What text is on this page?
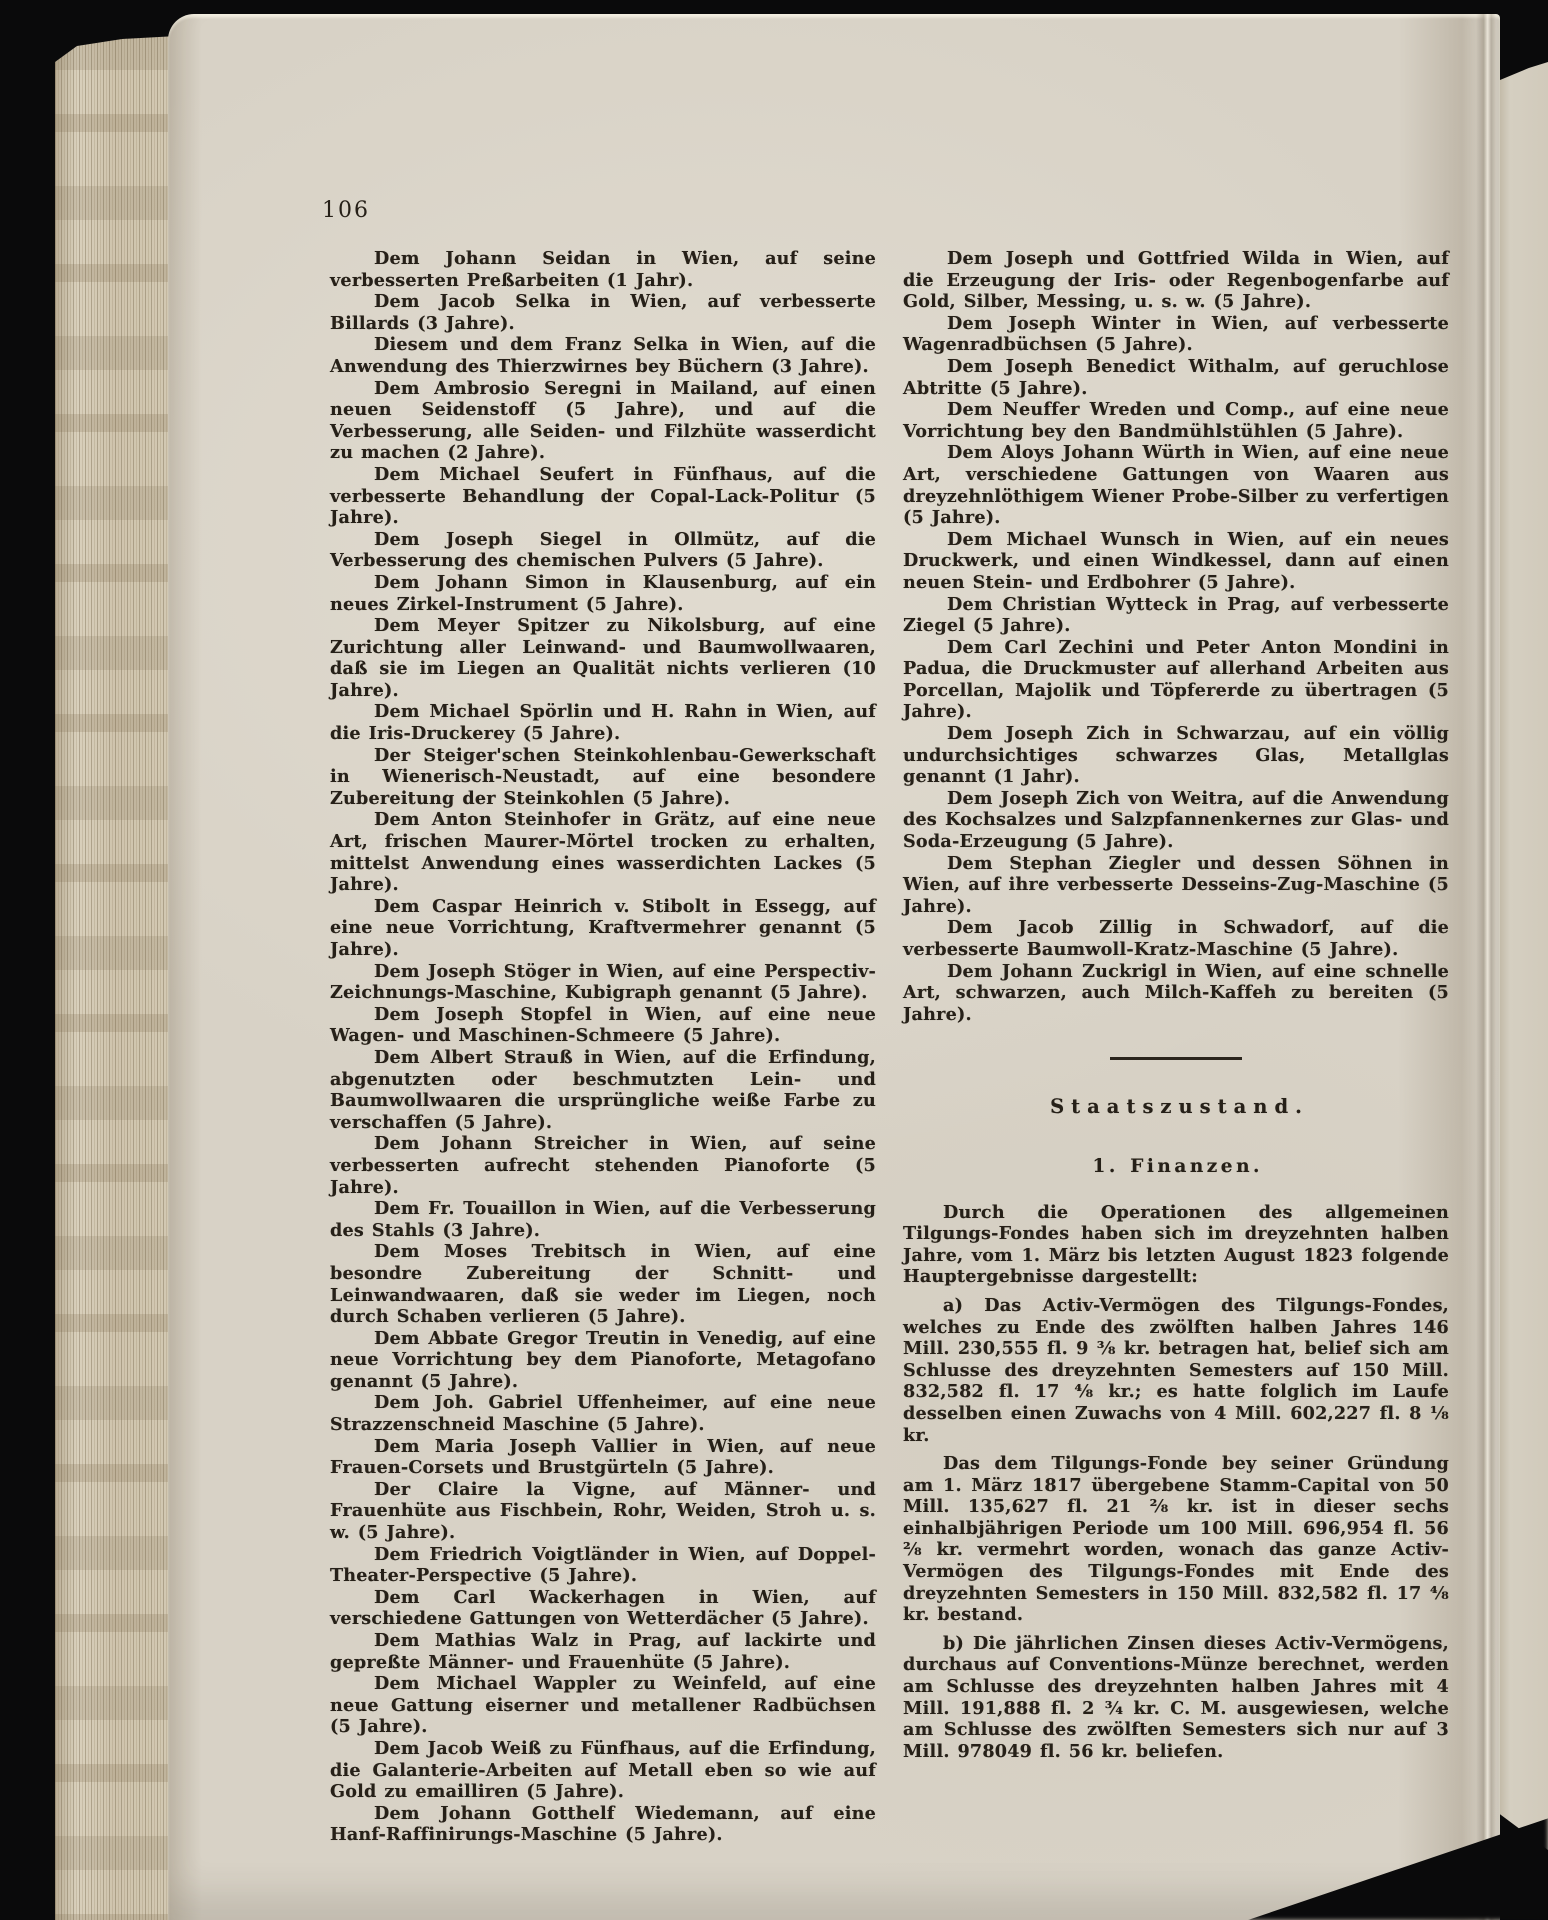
106

Dem Johann Seidan in Wien, auf seine verbesserten Preßarbeiten (1 Jahr).

Dem Jacob Selka in Wien, auf verbesserte Billards (3 Jahre).

Diesem und dem Franz Selka in Wien, auf die Anwendung des Thierzwirnes bey Büchern (3 Jahre).

Dem Ambrosio Seregni in Mailand, auf einen neuen Seidenstoff (5 Jahre), und auf die Verbesserung, alle Seiden- und Filzhüte wasserdicht zu machen (2 Jahre).

Dem Michael Seufert in Fünfhaus, auf die verbesserte Behandlung der Copal-Lack-Politur (5 Jahre).

Dem Joseph Siegel in Ollmütz, auf die Verbesserung des chemischen Pulvers (5 Jahre).

Dem Johann Simon in Klausenburg, auf ein neues Zirkel-Instrument (5 Jahre).

Dem Meyer Spitzer zu Nikolsburg, auf eine Zurichtung aller Leinwand- und Baumwollwaaren, daß sie im Liegen an Qualität nichts verlieren (10 Jahre).

Dem Michael Spörlin und H. Rahn in Wien, auf die Iris-Druckerey (5 Jahre).

Der Steiger'schen Steinkohlenbau-Gewerkschaft in Wienerisch-Neustadt, auf eine besondere Zubereitung der Steinkohlen (5 Jahre).

Dem Anton Steinhofer in Grätz, auf eine neue Art, frischen Maurer-Mörtel trocken zu erhalten, mittelst Anwendung eines wasserdichten Lackes (5 Jahre).

Dem Caspar Heinrich v. Stibolt in Essegg, auf eine neue Vorrichtung, Kraftvermehrer genannt (5 Jahre).

Dem Joseph Stöger in Wien, auf eine Perspectiv-Zeichnungs-Maschine, Kubigraph genannt (5 Jahre).

Dem Joseph Stopfel in Wien, auf eine neue Wagen- und Maschinen-Schmeere (5 Jahre).

Dem Albert Strauß in Wien, auf die Erfindung, abgenutzten oder beschmutzten Lein- und Baumwollwaaren die ursprüngliche weiße Farbe zu verschaffen (5 Jahre).

Dem Johann Streicher in Wien, auf seine verbesserten aufrecht stehenden Pianoforte (5 Jahre).

Dem Fr. Touaillon in Wien, auf die Verbesserung des Stahls (3 Jahre).

Dem Moses Trebitsch in Wien, auf eine besondre Zubereitung der Schnitt- und Leinwandwaaren, daß sie weder im Liegen, noch durch Schaben verlieren (5 Jahre).

Dem Abbate Gregor Treutin in Venedig, auf eine neue Vorrichtung bey dem Pianoforte, Metagofano genannt (5 Jahre).

Dem Joh. Gabriel Uffenheimer, auf eine neue Strazzenschneid Maschine (5 Jahre).

Dem Maria Joseph Vallier in Wien, auf neue Frauen-Corsets und Brustgürteln (5 Jahre).

Der Claire la Vigne, auf Männer- und Frauenhüte aus Fischbein, Rohr, Weiden, Stroh u. s. w. (5 Jahre).

Dem Friedrich Voigtländer in Wien, auf Doppel-Theater-Perspective (5 Jahre).

Dem Carl Wackerhagen in Wien, auf verschiedene Gattungen von Wetterdächer (5 Jahre).

Dem Mathias Walz in Prag, auf lackirte und gepreßte Männer- und Frauenhüte (5 Jahre).

Dem Michael Wappler zu Weinfeld, auf eine neue Gattung eiserner und metallener Radbüchsen (5 Jahre).

Dem Jacob Weiß zu Fünfhaus, auf die Erfindung, die Galanterie-Arbeiten auf Metall eben so wie auf Gold zu emailliren (5 Jahre).

Dem Johann Gotthelf Wiedemann, auf eine Hanf-Raffinirungs-Maschine (5 Jahre).

Dem Joseph und Gottfried Wilda in Wien, auf die Erzeugung der Iris- oder Regenbogenfarbe auf Gold, Silber, Messing, u. s. w. (5 Jahre).

Dem Joseph Winter in Wien, auf verbesserte Wagenradbüchsen (5 Jahre).

Dem Joseph Benedict Withalm, auf geruchlose Abtritte (5 Jahre).

Dem Neuffer Wreden und Comp., auf eine neue Vorrichtung bey den Bandmühlstühlen (5 Jahre).

Dem Aloys Johann Würth in Wien, auf eine neue Art, verschiedene Gattungen von Waaren aus dreyzehnlöthigem Wiener Probe-Silber zu verfertigen (5 Jahre).

Dem Michael Wunsch in Wien, auf ein neues Druckwerk, und einen Windkessel, dann auf einen neuen Stein- und Erdbohrer (5 Jahre).

Dem Christian Wytteck in Prag, auf verbesserte Ziegel (5 Jahre).

Dem Carl Zechini und Peter Anton Mondini in Padua, die Druckmuster auf allerhand Arbeiten aus Porcellan, Majolik und Töpfererde zu übertragen (5 Jahre).

Dem Joseph Zich in Schwarzau, auf ein völlig undurchsichtiges schwarzes Glas, Metallglas genannt (1 Jahr).

Dem Joseph Zich von Weitra, auf die Anwendung des Kochsalzes und Salzpfannenkernes zur Glas- und Soda-Erzeugung (5 Jahre).

Dem Stephan Ziegler und dessen Söhnen in Wien, auf ihre verbesserte Desseins-Zug-Maschine (5 Jahre).

Dem Jacob Zillig in Schwadorf, auf die verbesserte Baumwoll-Kratz-Maschine (5 Jahre).

Dem Johann Zuckrigl in Wien, auf eine schnelle Art, schwarzen, auch Milch-Kaffeh zu bereiten (5 Jahre).

Staatszustand.
1. Finanzen.

Durch die Operationen des allgemeinen Tilgungs-Fondes haben sich im dreyzehnten halben Jahre, vom 1. März bis letzten August 1823 folgende Hauptergebnisse dargestellt:

a) Das Activ-Vermögen des Tilgungs-Fondes, welches zu Ende des zwölften halben Jahres 146 Mill. 230,555 fl. 9 ³⁄₈ kr. betragen hat, belief sich am Schlusse des dreyzehnten Semesters auf 150 Mill. 832,582 fl. 17 ⁴⁄₈ kr.; es hatte folglich im Laufe desselben einen Zuwachs von 4 Mill. 602,227 fl. 8 ¹⁄₈ kr.

Das dem Tilgungs-Fonde bey seiner Gründung am 1. März 1817 übergebene Stamm-Capital von 50 Mill. 135,627 fl. 21 ²⁄₈ kr. ist in dieser sechs einhalbjährigen Periode um 100 Mill. 696,954 fl. 56 ²⁄₈ kr. vermehrt worden, wonach das ganze Activ-Vermögen des Tilgungs-Fondes mit Ende des dreyzehnten Semesters in 150 Mill. 832,582 fl. 17 ⁴⁄₈ kr. bestand.

b) Die jährlichen Zinsen dieses Activ-Vermögens, durchaus auf Conventions-Münze berechnet, werden am Schlusse des dreyzehnten halben Jahres mit 4 Mill. 191,888 fl. 2 ¾ kr. C. M. ausgewiesen, welche am Schlusse des zwölften Semesters sich nur auf 3 Mill. 978049 fl. 56 kr. beliefen.
